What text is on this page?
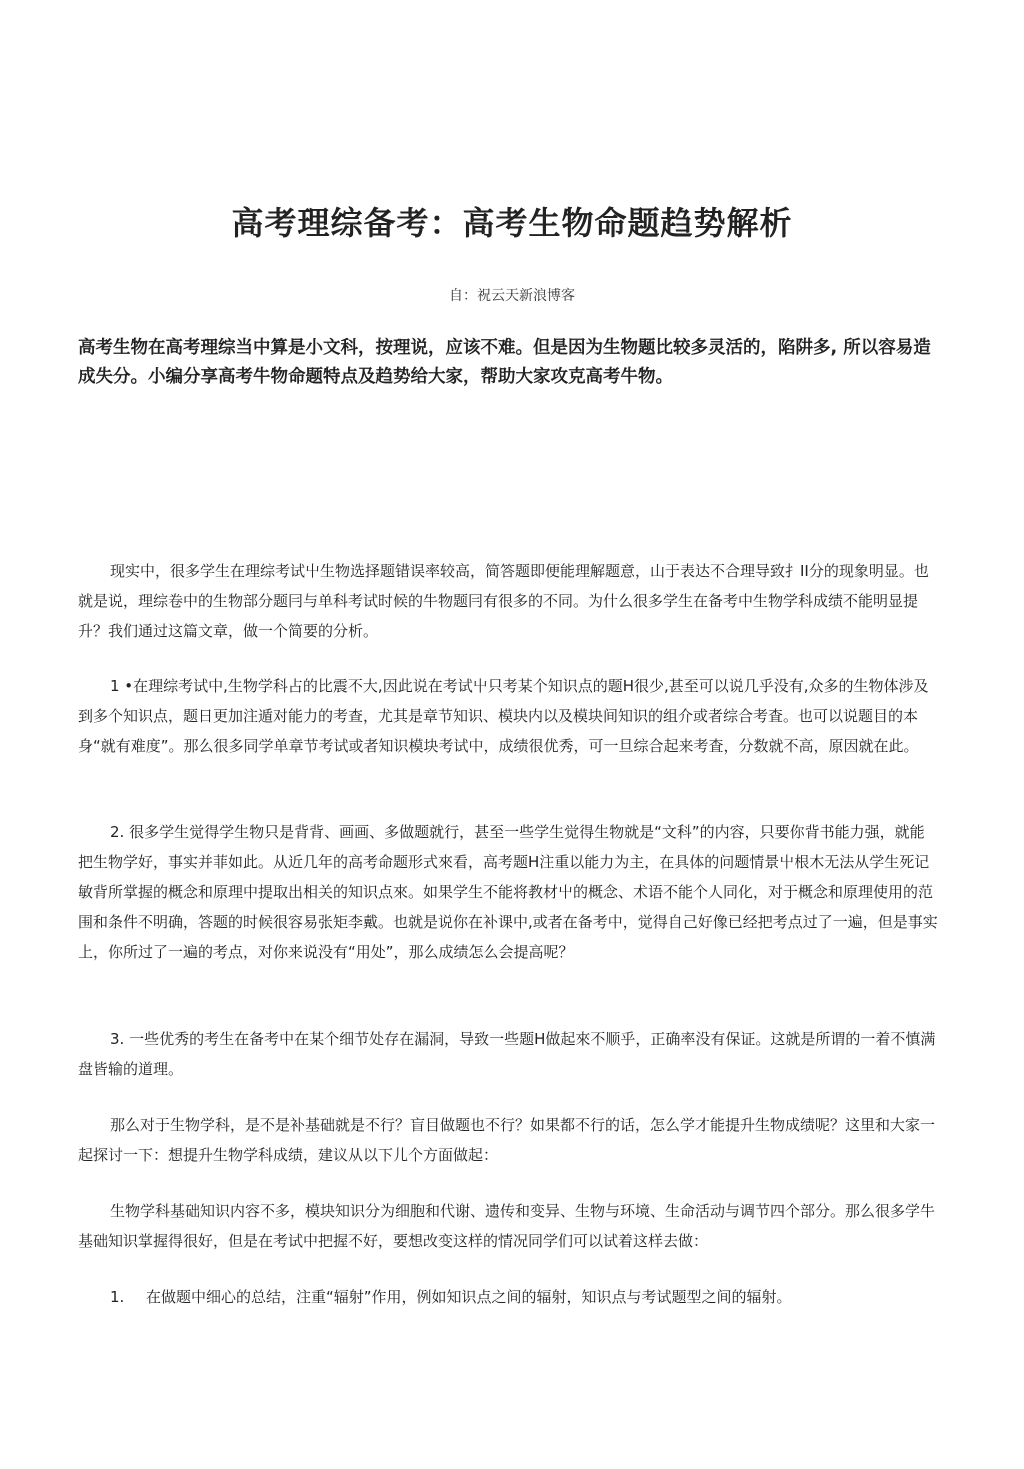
高考理综备考：高考生物命题趋势解析
自：祝云天新浪博客

高考生物在高考理综当中算是小文科，按理说，应该不难。但是因为生物题比较多灵活的，陷阱多, 所以容易造成失分。小编分享高考牛物命题特点及趋势给大家，帮助大家攻克高考牛物。

现实中，很多学生在理综考试屮生物选择题错误率较高，简答题即便能理解题意，山于表达不合理导致扌II分的现象明显。也就是说，理综卷中的生物部分题冃与单科考试时候的牛物题冃有很多的不同。为什么很多学生在备考中生物学科成绩不能明显提升？我们通过这篇文章，做一个简要的分析。

1 •在理综考试中,生物学科占的比震不大,因此说在考试屮只考某个知识点的题H很少,甚至可以说几乎没有,众多的生物体涉及到多个知识点，题日更加注遁对能力的考查，尤其是章节知识、模块内以及模块间知识的组介或者综合考査。也可以说题目的本身“就有难度”。那么很多同学单章节考试或者知识模块考试中，成绩很优秀，可一旦综合起来考査，分数就不高，原因就在此。

2. 很多学生觉得学生物只是背背、画画、多做题就行，甚至一些学生觉得生物就是“文科”的内容，只要你背书能力强，就能把生物学好，事实并菲如此。从近几年的高考命题形式來看，高考题H注重以能力为主，在具体的问题情景屮根木无法从学生死记敏背所掌握的概念和原理中提取出相关的知识点來。如果学生不能将教材屮的概念、术语不能个人同化，对于概念和原理使用的范围和条件不明确，答题的时候很容易张矩李戴。也就是说你在补课中,或者在备考中，觉得自己好像已经把考点过了一遍，但是事实上，你所过了一遍的考点，对你来说没有“用处”，那么成绩怎么会提高呢？

3. 一些优秀的考生在备考中在某个细节处存在漏洞，导致一些题H做起來不顺乎，正确率没有保证。这就是所谓的一着不慎满盘皆输的道理。

那么对于生物学科，是不是补基础就是不行？盲目做题也不行？如果都不行的话，怎么学才能提升生物成绩呢？这里和大家一起探讨一下：想提升生物学科成绩，建议从以下儿个方面做起：

生物学科基础知识内容不多，模块知识分为细胞和代谢、遗传和变异、生物与环境、生命活动与调节四个部分。那么很多学牛基础知识掌握得很好，但是在考试中把握不好，要想改变这样的情况同学们可以试着这样去做：

1. 在做题中细心的总结，注重“辐射”作用，例如知识点之间的辐射，知识点与考试题型之间的辐射。
